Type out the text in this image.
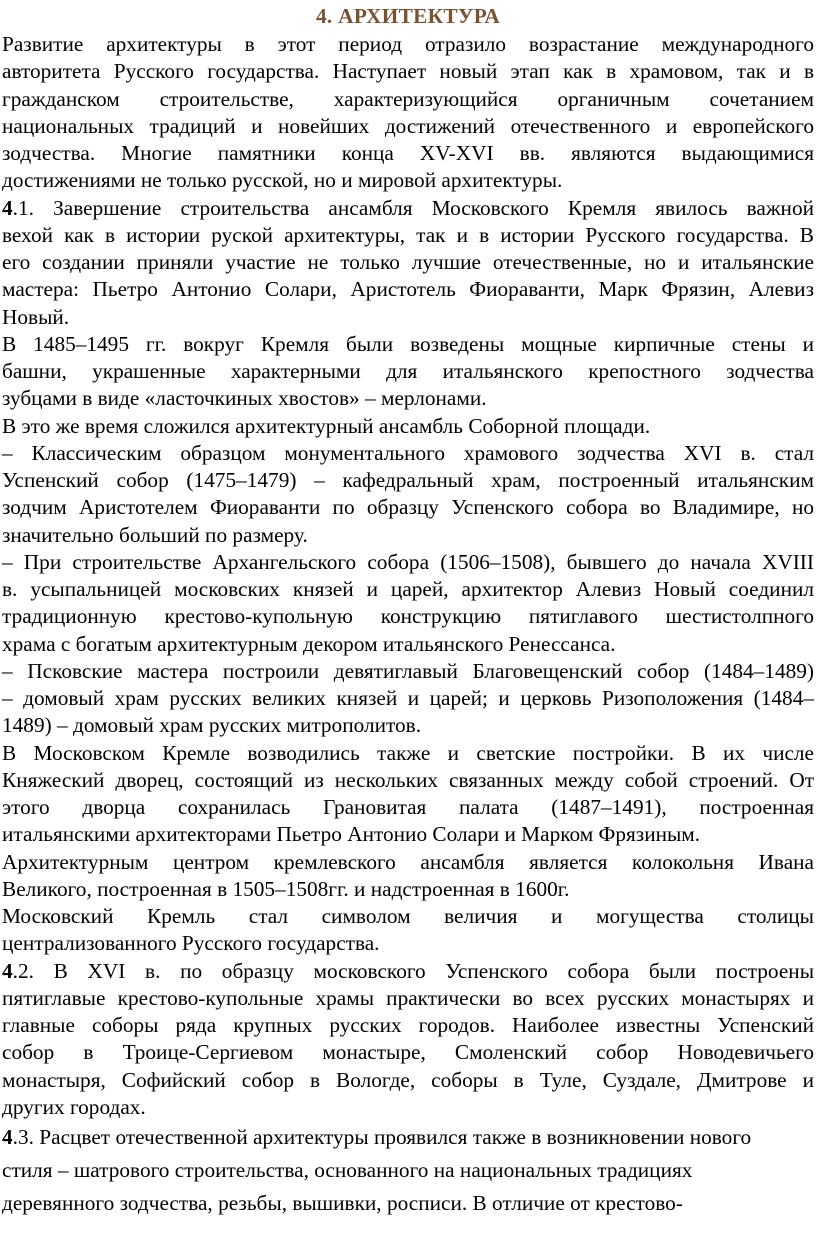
4. АРХИТЕКТУРА
Развитие архитектуры в этот период отразило возрастание международного
авторитета Русского государства. Наступает новый этап как в храмовом, так и в
гражданском строительстве, характеризующийся органичным сочетанием
национальных традиций и новейших достижений отечественного и европейского
зодчества. Многие памятники конца XV-XVI вв. являются выдающимися
достижениями не только русской, но и мировой архитектуры.
4.1. Завершение строительства ансамбля Московского Кремля явилось важной
вехой как в истории руской архитектуры, так и в истории Русского государства. В
его создании приняли участие не только лучшие отечественные, но и итальянские
мастера: Пьетро Антонио Солари, Аристотель Фиораванти, Марк Фрязин, Алевиз
Новый.
В 1485–1495 гг. вокруг Кремля были возведены мощные кирпичные стены и
башни, украшенные характерными для итальянского крепостного зодчества
зубцами в виде «ласточкиных хвостов» – мерлонами.
В это же время сложился архитектурный ансамбль Соборной площади.
– Классическим образцом монументального храмового зодчества XVI в. стал
Успенский собор (1475–1479) – кафедральный храм, построенный итальянским
зодчим Аристотелем Фиораванти по образцу Успенского собора во Владимире, но
значительно больший по размеру.
– При строительстве Архангельского собора (1506–1508), бывшего до начала XVIII
в. усыпальницей московских князей и царей, архитектор Алевиз Новый соединил
традиционную крестово-купольную конструкцию пятиглавого шестистолпного
храма с богатым архитектурным декором итальянского Ренессанса.
– Псковские мастера построили девятиглавый Благовещенский собор (1484–1489)
– домовый храм русских великих князей и царей; и церковь Ризоположения (1484–
1489) – домовый храм русских митрополитов.
В Московском Кремле возводились также и светские постройки. В их числе
Княжеский дворец, состоящий из нескольких связанных между собой строений. От
этого дворца сохранилась Грановитая палата (1487–1491), построенная
итальянскими архитекторами Пьетро Антонио Солари и Марком Фрязиным.
Архитектурным центром кремлевского ансамбля является колокольня Ивана
Великого, построенная в 1505–1508гг. и надстроенная в 1600г.
Московский Кремль стал символом величия и могущества столицы
централизованного Русского государства.
4.2. В XVI в. по образцу московского Успенского собора были построены
пятиглавые крестово-купольные храмы практически во всех русских монастырях и
главные соборы ряда крупных русских городов. Наиболее известны Успенский
собор в Троице-Сергиевом монастыре, Смоленский собор Новодевичьего
монастыря, Софийский собор в Вологде, соборы в Туле, Суздале, Дмитрове и
других городах.
4.3. Расцвет отечественной архитектуры проявился также в возникновении нового
стиля – шатрового строительства, основанного на национальных традициях
деревянного зодчества, резьбы, вышивки, росписи. В отличие от крестово-
